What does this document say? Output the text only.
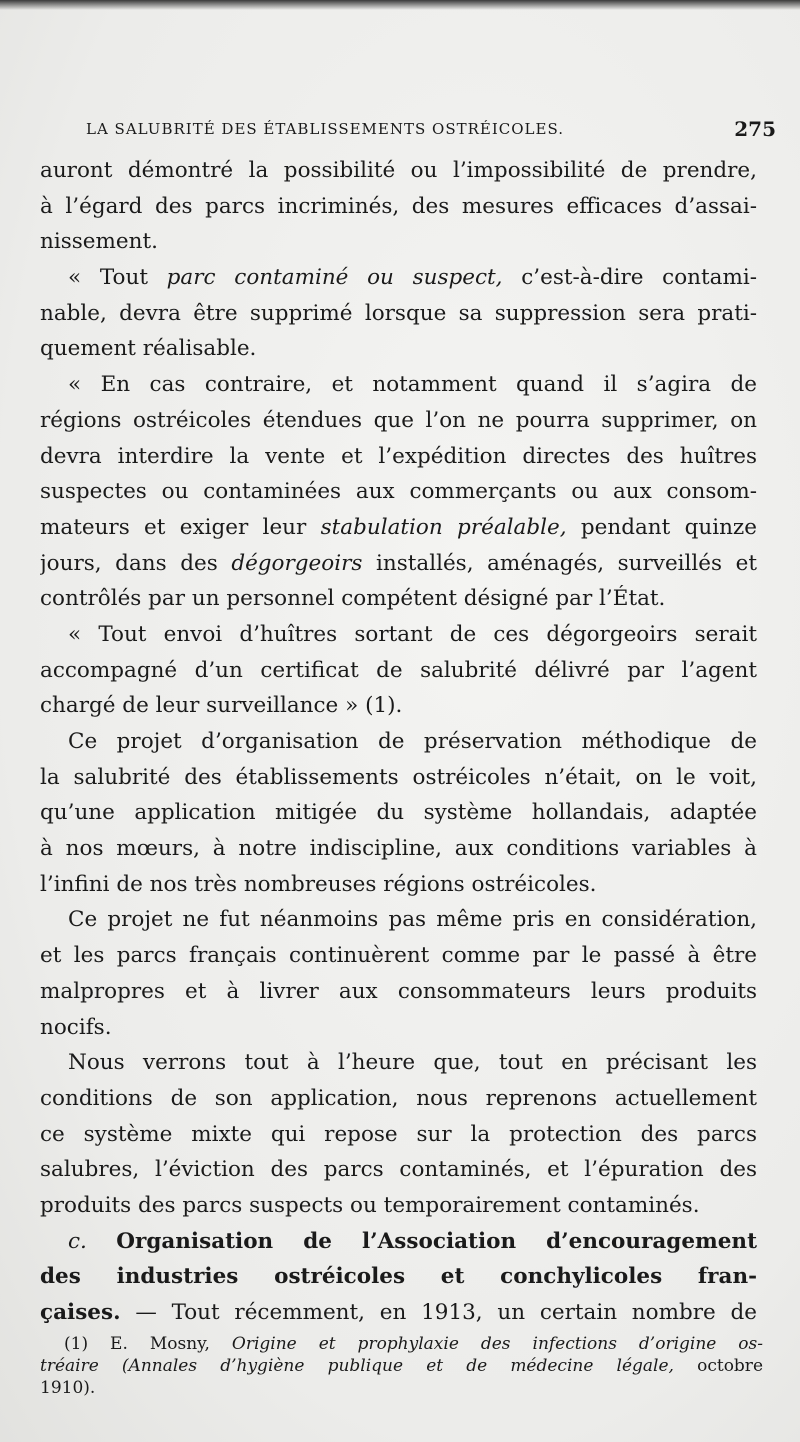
LA SALUBRITÉ DES ÉTABLISSEMENTS OSTRÉICOLES.	275
auront démontré la possibilité ou l’impossibilité de prendre,
à l’égard des parcs incriminés, des mesures efficaces d’assai-
nissement.
« Tout parc contaminé ou suspect, c’est-à-dire contami-
nable, devra être supprimé lorsque sa suppression sera prati-
quement réalisable.
« En cas contraire, et notamment quand il s’agira de
régions ostréicoles étendues que l’on ne pourra supprimer, on
devra interdire la vente et l’expédition directes des huîtres
suspectes ou contaminées aux commerçants ou aux consom-
mateurs et exiger leur stabulation préalable, pendant quinze
jours, dans des dégorgeoirs installés, aménagés, surveillés et
contrôlés par un personnel compétent désigné par l’État.
« Tout envoi d’huîtres sortant de ces dégorgeoirs serait
accompagné d’un certificat de salubrité délivré par l’agent
chargé de leur surveillance » (1).
Ce projet d’organisation de préservation méthodique de
la salubrité des établissements ostréicoles n’était, on le voit,
qu’une application mitigée du système hollandais, adaptée
à nos mœurs, à notre indiscipline, aux conditions variables à
l’infini de nos très nombreuses régions ostréicoles.
Ce projet ne fut néanmoins pas même pris en considération,
et les parcs français continuèrent comme par le passé à être
malpropres et à livrer aux consommateurs leurs produits
nocifs.
Nous verrons tout à l’heure que, tout en précisant les
conditions de son application, nous reprenons actuellement
ce système mixte qui repose sur la protection des parcs
salubres, l’éviction des parcs contaminés, et l’épuration des
produits des parcs suspects ou temporairement contaminés.
c. Organisation de l’Association d’encouragement
des industries ostréicoles et conchylicoles fran-
çaises. — Tout récemment, en 1913, un certain nombre de
(1) E. Mosny, Origine et prophylaxie des infections d’origine os-
tréaire (Annales d’hygiène publique et de médecine légale, octobre
1910).
